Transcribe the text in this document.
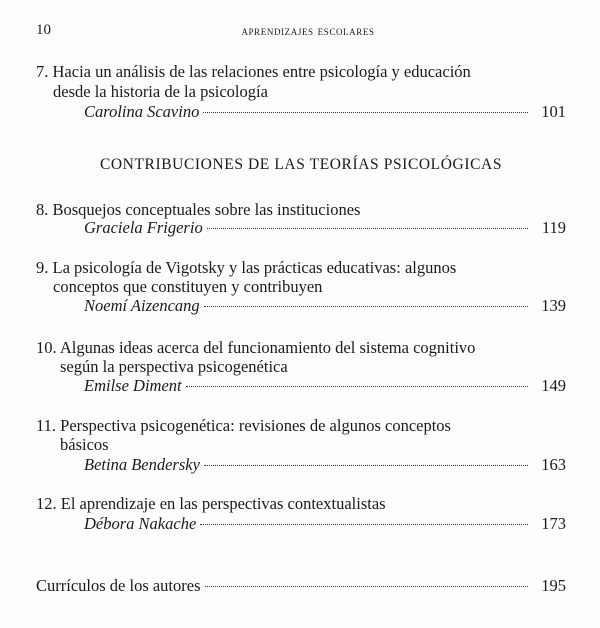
10	aprendizajes escolares
7. Hacia un análisis de las relaciones entre psicología y educación
desde la historia de la psicología
Carolina Scavino	101
CONTRIBUCIONES DE LAS TEORÍAS PSICOLÓGICAS
8. Bosquejos conceptuales sobre las instituciones
Graciela Frigerio	119
9. La psicología de Vigotsky y las prácticas educativas: algunos
conceptos que constituyen y contribuyen
Noemí Aizencang	139
10. Algunas ideas acerca del funcionamiento del sistema cognitivo
según la perspectiva psicogenética
Emilse Diment	149
11. Perspectiva psicogenética: revisiones de algunos conceptos
básicos
Betina Bendersky	163
12. El aprendizaje en las perspectivas contextualistas
Débora Nakache	173
Currículos de los autores	195
